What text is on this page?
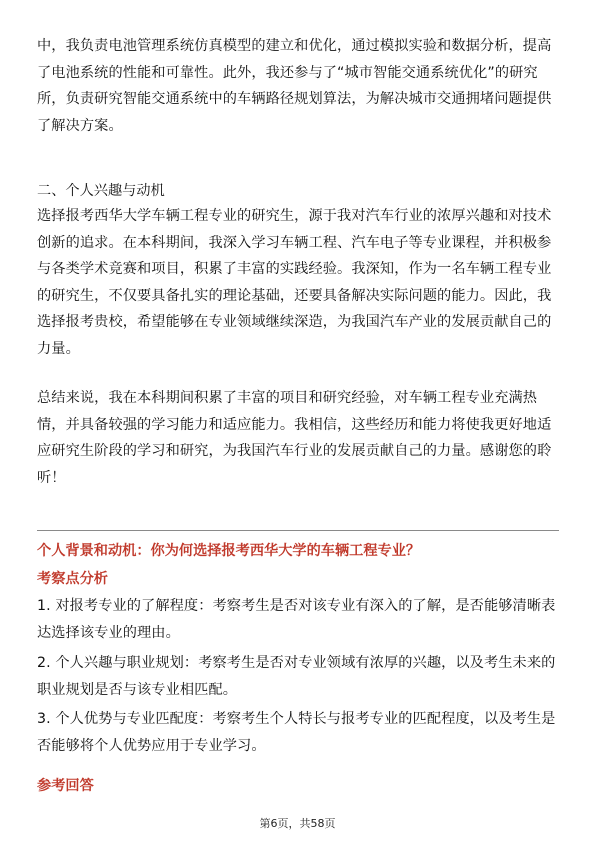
中，我负责电池管理系统仿真模型的建立和优化，通过模拟实验和数据分析，提高了电池系统的性能和可靠性。此外，我还参与了“城市智能交通系统优化”的研究所，负责研究智能交通系统中的车辆路径规划算法，为解决城市交通拥堵问题提供了解决方案。

二、个人兴趣与动机

选择报考西华大学车辆工程专业的研究生，源于我对汽车行业的浓厚兴趣和对技术创新的追求。在本科期间，我深入学习车辆工程、汽车电子等专业课程，并积极参与各类学术竞赛和项目，积累了丰富的实践经验。我深知，作为一名车辆工程专业的研究生，不仅要具备扎实的理论基础，还要具备解决实际问题的能力。因此，我选择报考贵校，希望能够在专业领域继续深造，为我国汽车产业的发展贡献自己的力量。

总结来说，我在本科期间积累了丰富的项目和研究经验，对车辆工程专业充满热情，并具备较强的学习能力和适应能力。我相信，这些经历和能力将使我更好地适应研究生阶段的学习和研究，为我国汽车行业的发展贡献自己的力量。感谢您的聆听！

个人背景和动机：你为何选择报考西华大学的车辆工程专业？

考察点分析

1. 对报考专业的了解程度：考察考生是否对该专业有深入的了解，是否能够清晰表达选择该专业的理由。

2. 个人兴趣与职业规划：考察考生是否对专业领域有浓厚的兴趣，以及考生未来的职业规划是否与该专业相匹配。

3. 个人优势与专业匹配度：考察考生个人特长与报考专业的匹配程度，以及考生是否能够将个人优势应用于专业学习。

参考回答

第6页，共58页
